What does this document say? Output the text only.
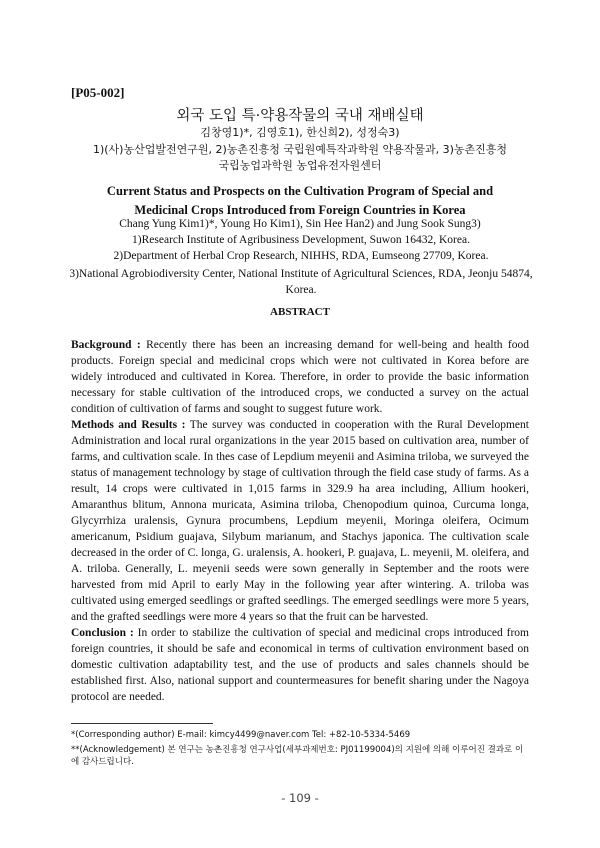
[P05-002]
외국 도입 특·약용작물의 국내 재배실태
김창영1)*, 김영호1), 한신희2), 성정숙3)
1)(사)농산업발전연구원, 2)농촌진흥청 국립원예특작과학원 약용작물과, 3)농촌진흥청
국립농업과학원 농업유전자원센터
Current Status and Prospects on the Cultivation Program of Special and
Medicinal Crops Introduced from Foreign Countries in Korea
Chang Yung Kim1)*, Young Ho Kim1), Sin Hee Han2) and Jung Sook Sung3)
1)Research Institute of Agribusiness Development, Suwon 16432, Korea.
2)Department of Herbal Crop Research, NIHHS, RDA, Eumseong 27709, Korea.
3)National Agrobiodiversity Center, National Institute of Agricultural Sciences, RDA, Jeonju 54874, Korea.
ABSTRACT

Background : Recently there has been an increasing demand for well-being and health food products. Foreign special and medicinal crops which were not cultivated in Korea before are widely introduced and cultivated in Korea. Therefore, in order to provide the basic information necessary for stable cultivation of the introduced crops, we conducted a survey on the actual condition of cultivation of farms and sought to suggest future work.

Methods and Results : The survey was conducted in cooperation with the Rural Development Administration and local rural organizations in the year 2015 based on cultivation area, number of farms, and cultivation scale. In thes case of Lepdium meyenii and Asimina triloba, we surveyed the status of management technology by stage of cultivation through the field case study of farms. As a result, 14 crops were cultivated in 1,015 farms in 329.9 ha area including, Allium hookeri, Amaranthus blitum, Annona muricata, Asimina triloba, Chenopodium quinoa, Curcuma longa, Glycyrrhiza uralensis, Gynura procumbens, Lepdium meyenii, Moringa oleifera, Ocimum americanum, Psidium guajava, Silybum marianum, and Stachys japonica. The cultivation scale decreased in the order of C. longa, G. uralensis, A. hookeri, P. guajava, L. meyenii, M. oleifera, and A. triloba. Generally, L. meyenii seeds were sown generally in September and the roots were harvested from mid April to early May in the following year after wintering. A. triloba was cultivated using emerged seedlings or grafted seedlings. The emerged seedlings were more 5 years, and the grafted seedlings were more 4 years so that the fruit can be harvested.

Conclusion : In order to stabilize the cultivation of special and medicinal crops introduced from foreign countries, it should be safe and economical in terms of cultivation environment based on domestic cultivation adaptability test, and the use of products and sales channels should be established first. Also, national support and countermeasures for benefit sharing under the Nagoya protocol are needed.

*(Corresponding author) E-mail: kimcy4499@naver.com Tel: +82-10-5334-5469
**(Acknowledgement) 본 연구는 농촌진흥청 연구사업(세부과제번호: PJ01199004)의 지원에 의해 이루어진 결과로 이에 감사드립니다.
- 109 -
